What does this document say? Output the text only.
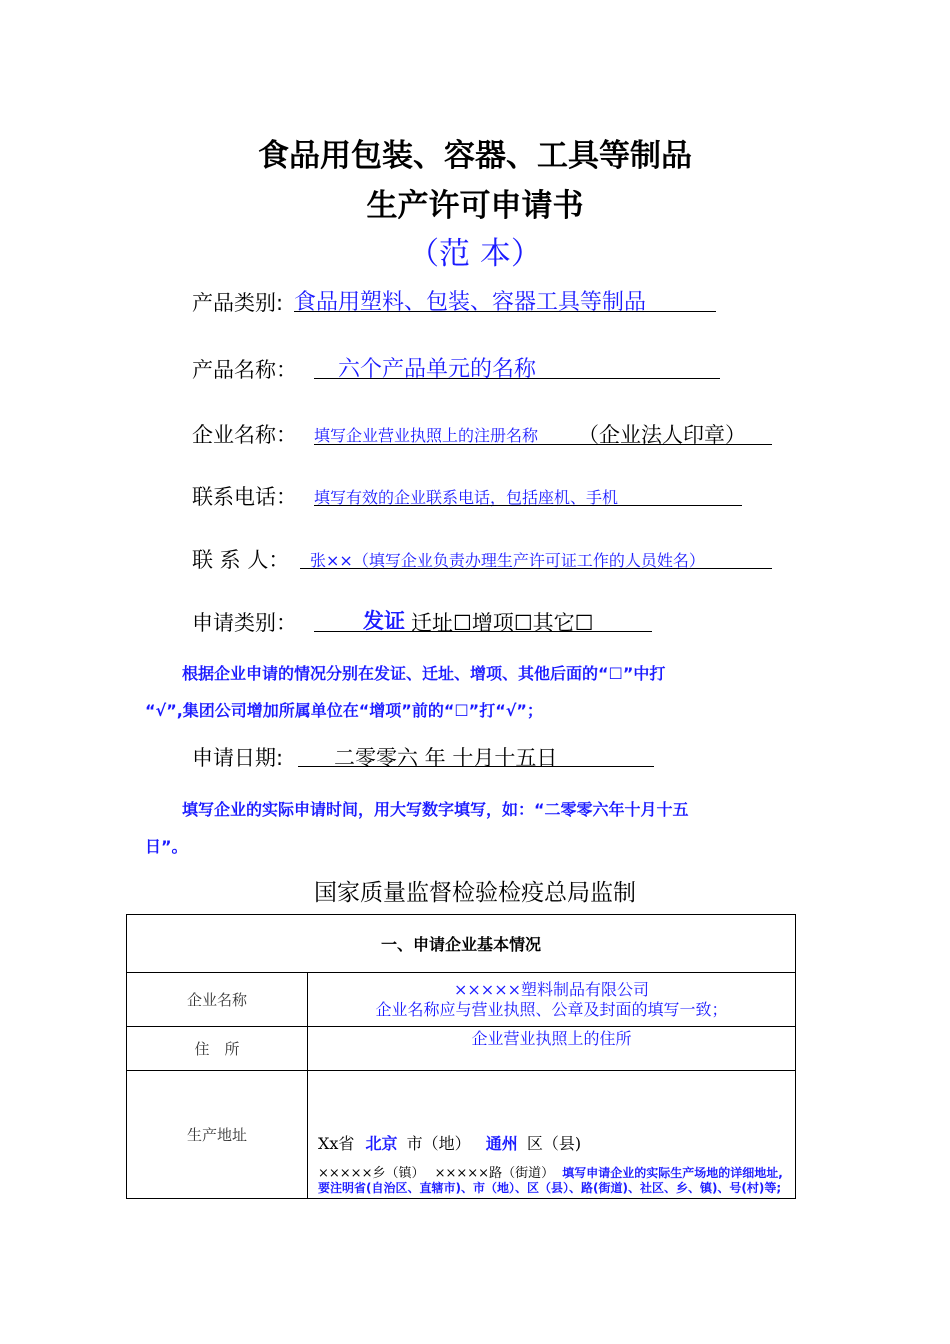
食品用包装、容器、工具等制品
生产许可申请书
（范 本）
产品类别: 食品用塑料、包装、容器工具等制品
产品名称： 六个产品单元的名称
企业名称： 填写企业营业执照上的注册名称 （企业法人印章）
联系电话： 填写有效的企业联系电话，包括座机、手机
联 系 人： 张××（填写企业负责办理生产许可证工作的人员姓名）
申请类别：	发证 迁址☐增项☐其它☐
根据企业申请的情况分别在发证、迁址、增项、其他后面的“☐”中打
“√”,集团公司增加所属单位在“增项”前的“☐”打“√”；
申请日期: 二零零六 年 十月十五日
填写企业的实际申请时间，用大写数字填写，如：“二零零六年十月十五
日”。
国家质量监督检验检疫总局监制
一、申请企业基本情况	
企业名称	×××××塑料制品有限公司
企业名称应与营业执照、公章及封面的填写一致；

住　所	企业营业执照上的住所
生产地址	Xx省 北京 市（地） 通州 区（县)
×××××乡（镇） ×××××路（街道） 填写申请企业的实际生产场地的详细地址,要注明省(自治区、直辖市)、市（地）、区（县）、路(街道)、社区、乡、镇)、号(村)等;
